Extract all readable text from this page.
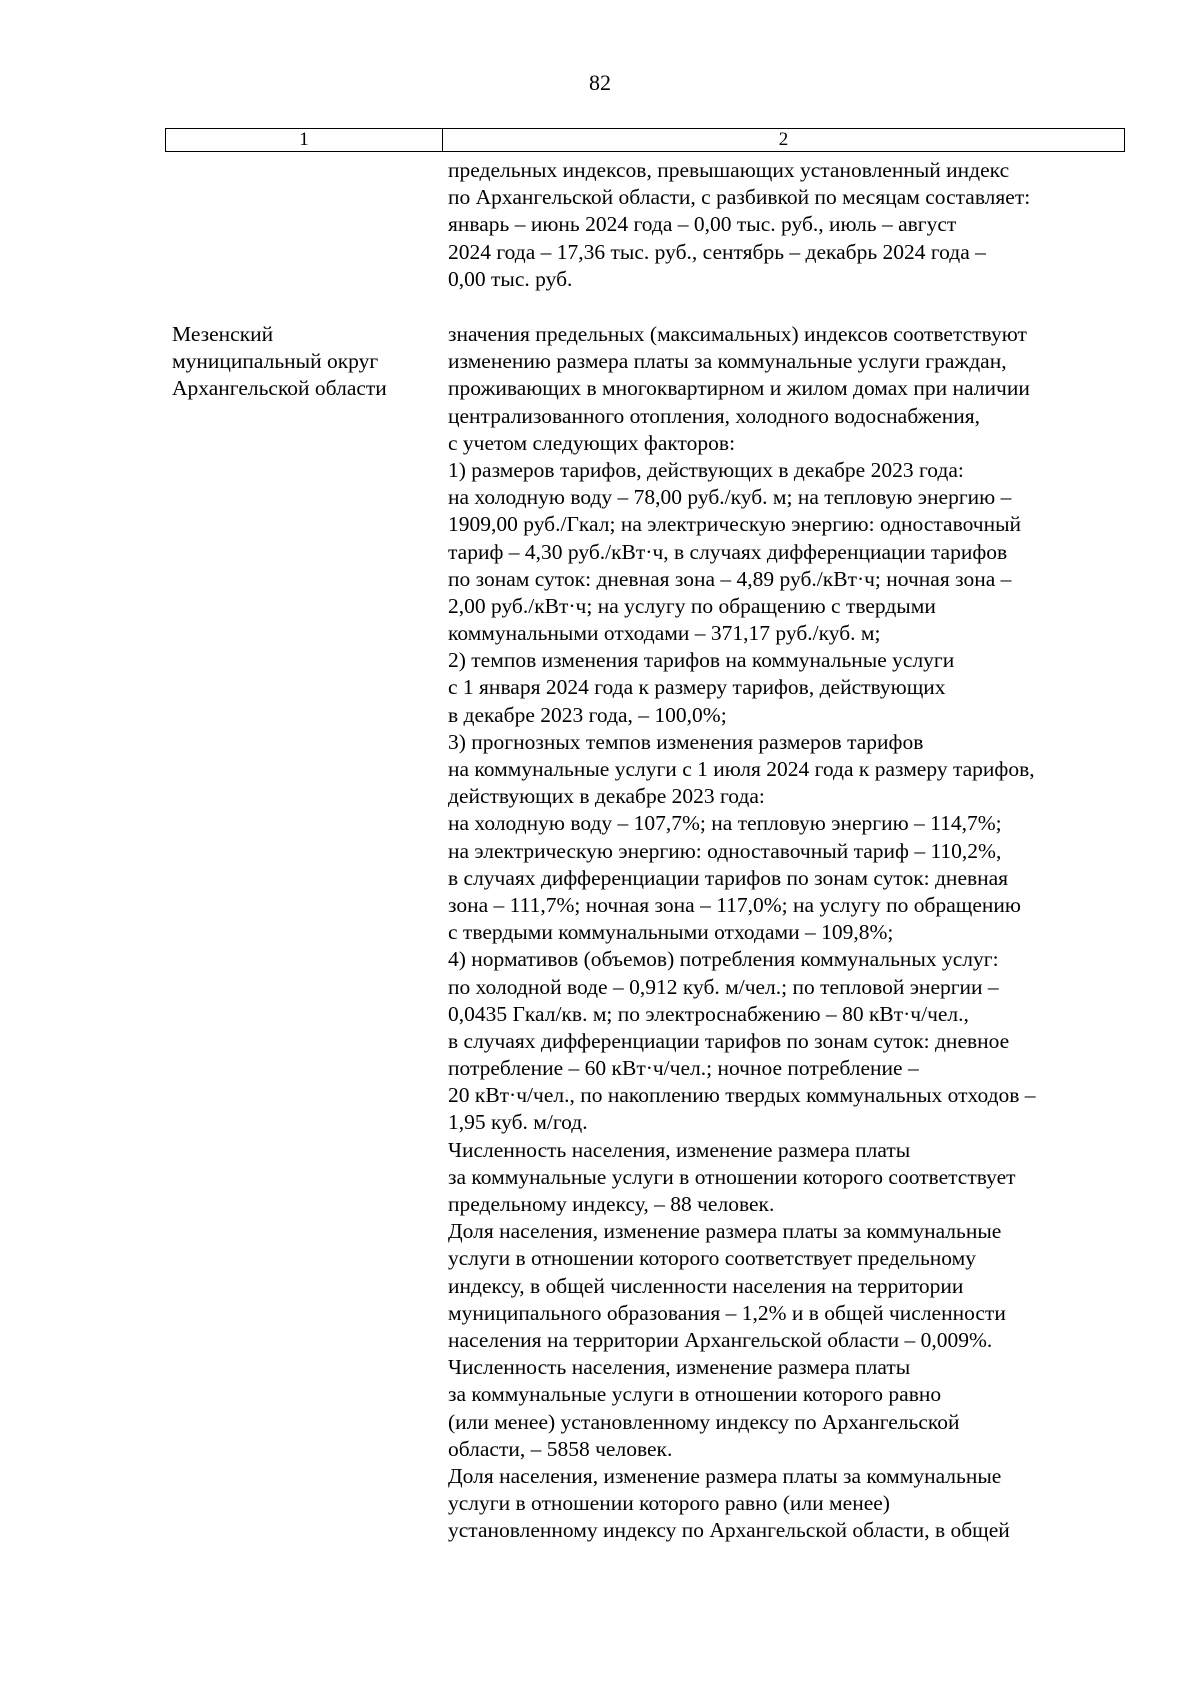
82
1	2
предельных индексов, превышающих установленный индекс
по Архангельской области, с разбивкой по месяцам составляет:
январь – июнь 2024 года – 0,00 тыс. руб., июль – август
2024 года – 17,36 тыс. руб., сентябрь – декабрь 2024 года –
0,00 тыс. руб.
Мезенский
муниципальный округ
Архангельской области
значения предельных (максимальных) индексов соответствуют
изменению размера платы за коммунальные услуги граждан,
проживающих в многоквартирном и жилом домах при наличии
централизованного отопления, холодного водоснабжения,
с учетом следующих факторов:
1) размеров тарифов, действующих в декабре 2023 года:
на холодную воду – 78,00 руб./куб. м; на тепловую энергию –
1909,00 руб./Гкал; на электрическую энергию: одноставочный
тариф – 4,30 руб./кВт·ч, в случаях дифференциации тарифов
по зонам суток: дневная зона – 4,89 руб./кВт·ч; ночная зона –
2,00 руб./кВт·ч; на услугу по обращению с твердыми
коммунальными отходами – 371,17 руб./куб. м;
2) темпов изменения тарифов на коммунальные услуги
с 1 января 2024 года к размеру тарифов, действующих
в декабре 2023 года, – 100,0%;
3) прогнозных темпов изменения размеров тарифов
на коммунальные услуги с 1 июля 2024 года к размеру тарифов,
действующих в декабре 2023 года:
на холодную воду – 107,7%; на тепловую энергию – 114,7%;
на электрическую энергию: одноставочный тариф – 110,2%,
в случаях дифференциации тарифов по зонам суток: дневная
зона – 111,7%; ночная зона – 117,0%; на услугу по обращению
с твердыми коммунальными отходами – 109,8%;
4) нормативов (объемов) потребления коммунальных услуг:
по холодной воде – 0,912 куб. м/чел.; по тепловой энергии –
0,0435 Гкал/кв. м; по электроснабжению – 80 кВт·ч/чел.,
в случаях дифференциации тарифов по зонам суток: дневное
потребление – 60 кВт·ч/чел.; ночное потребление –
20 кВт·ч/чел., по накоплению твердых коммунальных отходов –
1,95 куб. м/год.
Численность населения, изменение размера платы
за коммунальные услуги в отношении которого соответствует
предельному индексу, – 88 человек.
Доля населения, изменение размера платы за коммунальные
услуги в отношении которого соответствует предельному
индексу, в общей численности населения на территории
муниципального образования – 1,2% и в общей численности
населения на территории Архангельской области – 0,009%.
Численность населения, изменение размера платы
за коммунальные услуги в отношении которого равно
(или менее) установленному индексу по Архангельской
области, – 5858 человек.
Доля населения, изменение размера платы за коммунальные
услуги в отношении которого равно (или менее)
установленному индексу по Архангельской области, в общей
